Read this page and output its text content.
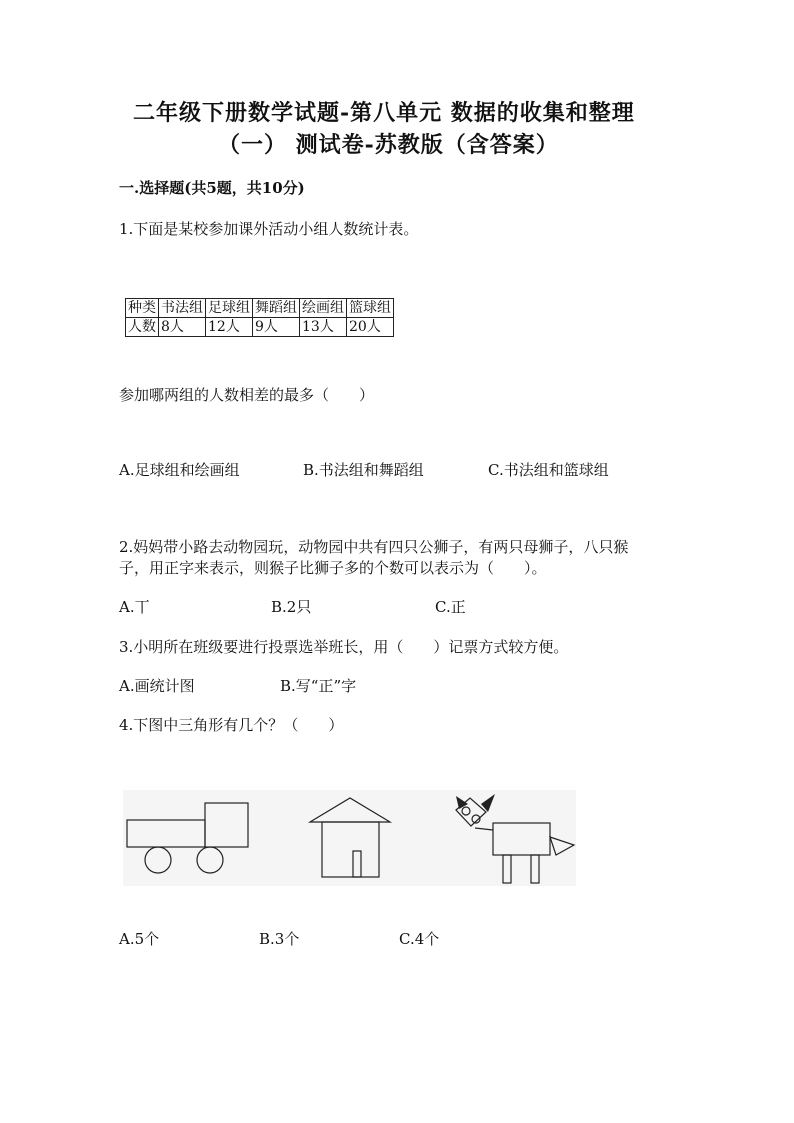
二年级下册数学试题-第八单元 数据的收集和整理
（一） 测试卷-苏教版（含答案）
一.选择题(共5题，共10分)
1.下面是某校参加课外活动小组人数统计表。
种类	书法组	足球组	舞蹈组	绘画组	篮球组
人数	8人	12人	9人	13人	20人
参加哪两组的人数相差的最多（　　）
A.足球组和绘画组	B.书法组和舞蹈组	C.书法组和篮球组
2.妈妈带小路去动物园玩，动物园中共有四只公狮子，有两只母狮子，八只猴
子，用正字来表示，则猴子比狮子多的个数可以表示为（　　）。
A.丅	B.2只	C.正
3.小明所在班级要进行投票选举班长，用（　　）记票方式较方便。
A.画统计图	B.写“正”字
4.下图中三角形有几个？（　　）
A.5个	B.3个	C.4个
